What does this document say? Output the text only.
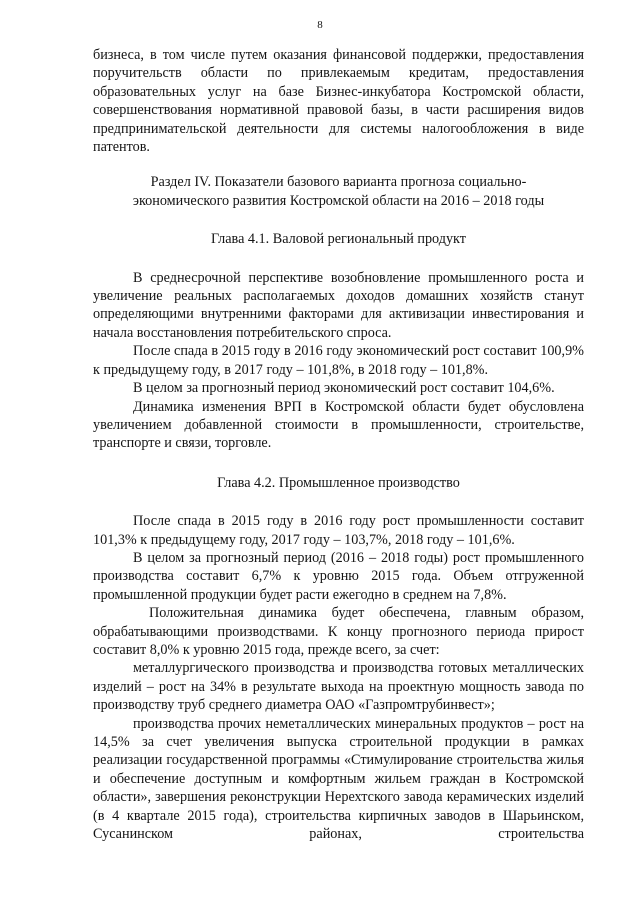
8

бизнеса, в том числе путем оказания финансовой поддержки, предоставления поручительств области по привлекаемым кредитам, предоставления образовательных услуг на базе Бизнес-инкубатора Костромской области, совершенствования нормативной правовой базы, в части расширения видов предпринимательской деятельности для системы налогообложения в виде патентов.

Раздел IV. Показатели базового варианта прогноза социально-
экономического развития Костромской области на 2016 – 2018 годы
Глава 4.1. Валовой региональный продукт

В среднесрочной перспективе возобновление промышленного роста и увеличение реальных располагаемых доходов домашних хозяйств станут определяющими внутренними факторами для активизации инвестирования и начала восстановления потребительского спроса.

После спада в 2015 году в 2016 году экономический рост составит 100,9% к предыдущему году, в 2017 году – 101,8%, в 2018 году – 101,8%.

В целом за прогнозный период экономический рост составит 104,6%.

Динамика изменения ВРП в Костромской области будет обусловлена увеличением добавленной стоимости в промышленности, строительстве, транспорте и связи, торговле.

Глава 4.2. Промышленное производство

После спада в 2015 году в 2016 году рост промышленности составит 101,3% к предыдущему году, 2017 году – 103,7%, 2018 году – 101,6%.

В целом за прогнозный период (2016 – 2018 годы) рост промышленного производства составит 6,7% к уровню 2015 года. Объем отгруженной промышленной продукции будет расти ежегодно в среднем на 7,8%.

Положительная динамика будет обеспечена, главным образом, обрабатывающими производствами. К концу прогнозного периода прирост составит 8,0% к уровню 2015 года, прежде всего, за счет:

металлургического производства и производства готовых металлических изделий – рост на 34% в результате выхода на проектную мощность завода по производству труб среднего диаметра ОАО «Газпромтрубинвест»;

производства прочих неметаллических минеральных продуктов – рост на 14,5% за счет увеличения выпуска строительной продукции в рамках реализации государственной программы «Стимулирование строительства жилья и обеспечение доступным и комфортным жильем граждан в Костромской области», завершения реконструкции Нерехтского завода керамических изделий (в 4 квартале 2015 года), строительства кирпичных заводов в Шарьинском, Сусанинском районах, строительства
